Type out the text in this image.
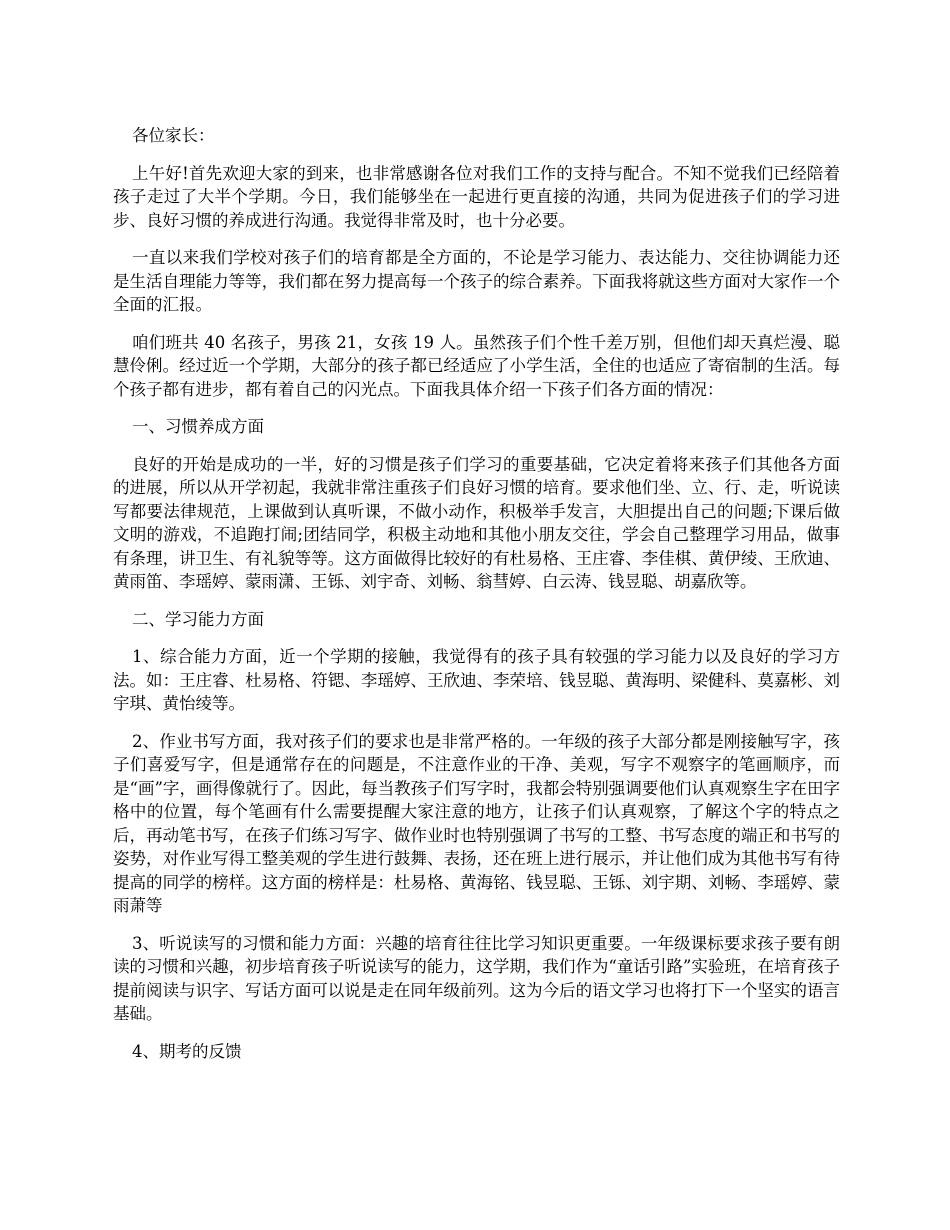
各位家长：

上午好!首先欢迎大家的到来，也非常感谢各位对我们工作的支持与配合。不知不觉我们已经陪着孩子走过了大半个学期。今日，我们能够坐在一起进行更直接的沟通，共同为促进孩子们的学习进步、良好习惯的养成进行沟通。我觉得非常及时，也十分必要。

一直以来我们学校对孩子们的培育都是全方面的，不论是学习能力、表达能力、交往协调能力还是生活自理能力等等，我们都在努力提高每一个孩子的综合素养。下面我将就这些方面对大家作一个全面的汇报。

咱们班共 40 名孩子，男孩 21，女孩 19 人。虽然孩子们个性千差万别，但他们却天真烂漫、聪慧伶俐。经过近一个学期，大部分的孩子都已经适应了小学生活，全住的也适应了寄宿制的生活。每个孩子都有进步，都有着自己的闪光点。下面我具体介绍一下孩子们各方面的情况：

一、习惯养成方面

良好的开始是成功的一半，好的习惯是孩子们学习的重要基础，它决定着将来孩子们其他各方面的进展，所以从开学初起，我就非常注重孩子们良好习惯的培育。要求他们坐、立、行、走，听说读写都要法律规范，上课做到认真听课，不做小动作，积极举手发言，大胆提出自己的问题;下课后做文明的游戏，不追跑打闹;团结同学，积极主动地和其他小朋友交往，学会自己整理学习用品，做事有条理，讲卫生、有礼貌等等。这方面做得比较好的有杜易格、王庄睿、李佳棋、黄伊绫、王欣迪、黄雨笛、李瑶婷、蒙雨潇、王铄、刘宇奇、刘畅、翁彗婷、白云涛、钱昱聪、胡嘉欣等。

二、学习能力方面

1、综合能力方面，近一个学期的接触，我觉得有的孩子具有较强的学习能力以及良好的学习方法。如：王庄睿、杜易格、符锶、李瑶婷、王欣迪、李荣培、钱昱聪、黄海明、梁健科、莫嘉彬、刘宇琪、黄怡绫等。

2、作业书写方面，我对孩子们的要求也是非常严格的。一年级的孩子大部分都是刚接触写字，孩子们喜爱写字，但是通常存在的问题是，不注意作业的干净、美观，写字不观察字的笔画顺序，而是“画”字，画得像就行了。因此，每当教孩子们写字时，我都会特别强调要他们认真观察生字在田字格中的位置，每个笔画有什么需要提醒大家注意的地方，让孩子们认真观察，了解这个字的特点之后，再动笔书写，在孩子们练习写字、做作业时也特别强调了书写的工整、书写态度的端正和书写的姿势，对作业写得工整美观的学生进行鼓舞、表扬，还在班上进行展示，并让他们成为其他书写有待提高的同学的榜样。这方面的榜样是：杜易格、黄海铭、钱昱聪、王铄、刘宇期、刘畅、李瑶婷、蒙雨萧等

3、听说读写的习惯和能力方面：兴趣的培育往往比学习知识更重要。一年级课标要求孩子要有朗读的习惯和兴趣，初步培育孩子听说读写的能力，这学期，我们作为“童话引路”实验班，在培育孩子提前阅读与识字、写话方面可以说是走在同年级前列。这为今后的语文学习也将打下一个坚实的语言基础。

4、期考的反馈
